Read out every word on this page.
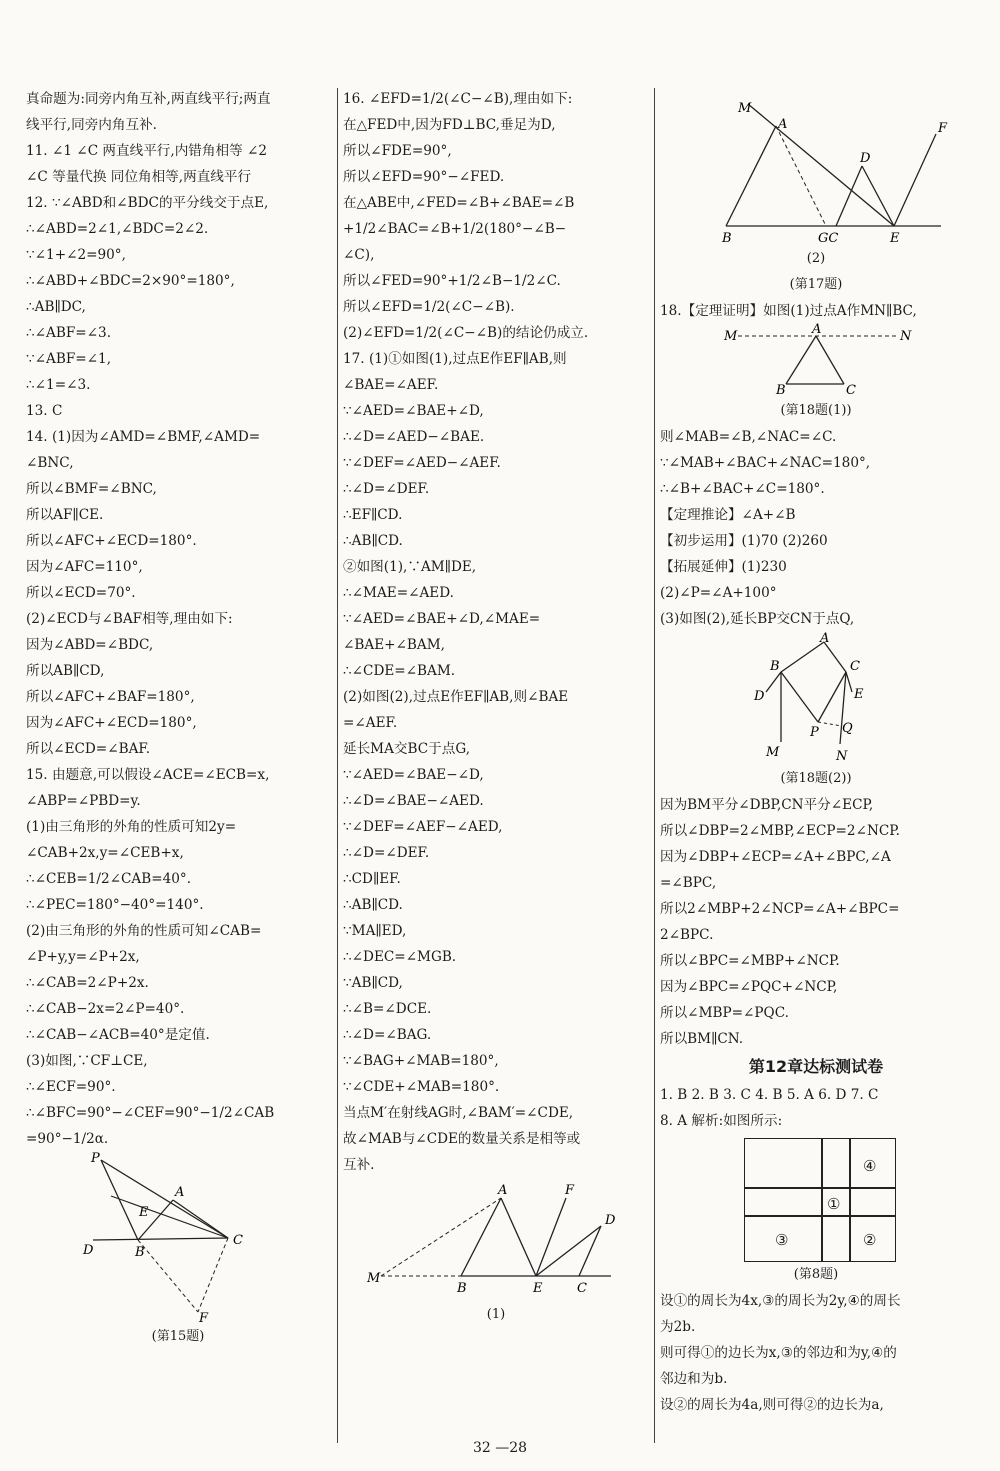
真命题为:同旁内角互补,两直线平行;两直
线平行,同旁内角互补.
11. ∠1 ∠C 两直线平行,内错角相等 ∠2
∠C 等量代换 同位角相等,两直线平行
12. ∵∠ABD和∠BDC的平分线交于点E,
∴∠ABD=2∠1,∠BDC=2∠2.
∵∠1+∠2=90°,
∴∠ABD+∠BDC=2×90°=180°,
∴AB∥DC,
∴∠ABF=∠3.
∵∠ABF=∠1,
∴∠1=∠3.
13. C
14. (1)因为∠AMD=∠BMF,∠AMD=
∠BNC,
所以∠BMF=∠BNC,
所以AF∥CE.
所以∠AFC+∠ECD=180°.
因为∠AFC=110°,
所以∠ECD=70°.
(2)∠ECD与∠BAF相等,理由如下:
因为∠ABD=∠BDC,
所以AB∥CD,
所以∠AFC+∠BAF=180°,
因为∠AFC+∠ECD=180°,
所以∠ECD=∠BAF.
15. 由题意,可以假设∠ACE=∠ECB=x,
∠ABP=∠PBD=y.
(1)由三角形的外角的性质可知2y=
∠CAB+2x,y=∠CEB+x,
∴∠CEB=1/2∠CAB=40°.
∴∠PEC=180°−40°=140°.
(2)由三角形的外角的性质可知∠CAB=
∠P+y,y=∠P+2x,
∴∠CAB=2∠P+2x.
∴∠CAB−2x=2∠P=40°.
∴∠CAB−∠ACB=40°是定值.
(3)如图,∵CF⊥CE,
∴∠ECF=90°.
∴∠BFC=90°−∠CEF=90°−1/2∠CAB
=90°−1/2α.
P
A
E
D	B
C
F
(第15题)
16. ∠EFD=1/2(∠C−∠B),理由如下:
在△FED中,因为FD⊥BC,垂足为D,
所以∠FDE=90°,
所以∠EFD=90°−∠FED.
在△ABE中,∠FED=∠B+∠BAE=∠B
+1/2∠BAC=∠B+1/2(180°−∠B−
∠C),
所以∠FED=90°+1/2∠B−1/2∠C.
所以∠EFD=1/2(∠C−∠B).
(2)∠EFD=1/2(∠C−∠B)的结论仍成立.
17. (1)①如图(1),过点E作EF∥AB,则
∠BAE=∠AEF.
∵∠AED=∠BAE+∠D,
∴∠D=∠AED−∠BAE.
∵∠DEF=∠AED−∠AEF.
∴∠D=∠DEF.
∴EF∥CD.
∴AB∥CD.
②如图(1),∵AM∥DE,
∴∠MAE=∠AED.
∵∠AED=∠BAE+∠D,∠MAE=
∠BAE+∠BAM,
∴∠CDE=∠BAM.
(2)如图(2),过点E作EF∥AB,则∠BAE
=∠AEF.
延长MA交BC于点G,
∵∠AED=∠BAE−∠D,
∴∠D=∠BAE−∠AED.
∵∠DEF=∠AEF−∠AED,
∴∠D=∠DEF.
∴CD∥EF.
∴AB∥CD.
∵MA∥ED,
∴∠DEC=∠MGB.
∵AB∥CD,
∴∠B=∠DCE.
∴∠D=∠BAG.
∵∠BAG+∠MAB=180°,
∵∠CDE+∠MAB=180°.
当点M′在射线AG时,∠BAM′=∠CDE,
故∠MAB与∠CDE的数量关系是相等或
互补.
M
A
B	E
F
D
C
(1)
M
A
D
F
B	GC	E
(2)
(第17题)
18.【定理证明】如图(1)过点A作MN∥BC,
M	A	N
B	C
(第18题(1))
则∠MAB=∠B,∠NAC=∠C.
∵∠MAB+∠BAC+∠NAC=180°,
∴∠B+∠BAC+∠C=180°.
【定理推论】∠A+∠B
【初步运用】(1)70 (2)260
【拓展延伸】(1)230
(2)∠P=∠A+100°
(3)如图(2),延长BP交CN于点Q,
A
B	C
D	E
P Q
M	N
(第18题(2))
因为BM平分∠DBP,CN平分∠ECP,
所以∠DBP=2∠MBP,∠ECP=2∠NCP.
因为∠DBP+∠ECP=∠A+∠BPC,∠A
=∠BPC,
所以2∠MBP+2∠NCP=∠A+∠BPC=
2∠BPC.
所以∠BPC=∠MBP+∠NCP.
因为∠BPC=∠PQC+∠NCP,
所以∠MBP=∠PQC.
所以BM∥CN.
第12章达标测试卷
1. B 2. B 3. C 4. B 5. A 6. D 7. C
8. A 解析:如图所示:
④
①
③	②
(第8题)
设①的周长为4x,③的周长为2y,④的周长
为2b.
则可得①的边长为x,③的邻边和为y,④的
邻边和为b.
设②的周长为4a,则可得②的边长为a,
32 —28
